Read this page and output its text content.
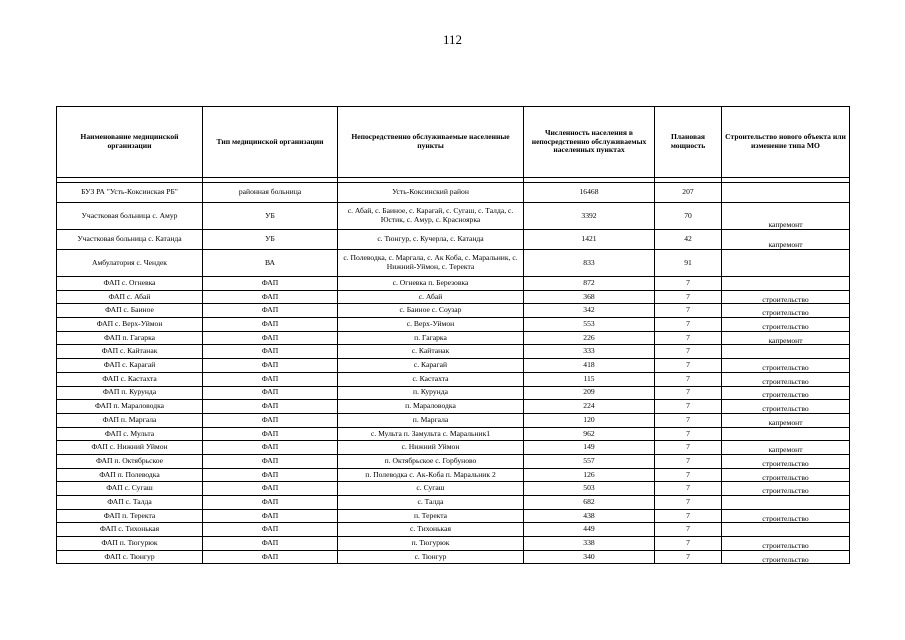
112
Наименование медицинской организации	Тип медицинской организации	Непосредственно обслуживаемые населенные пункты	Численность населения в непосредственно обслуживаемых населенных пунктах	Плановая мощность	Строительство нового объекта или изменение типа МО

БУЗ РА "Усть-Коксинская РБ"	районная больница	Усть-Коксинский район	16468	207	

Участковая больница с. Амур	УБ	с. Абай, с. Баиное, с. Карагай, с. Сугаш, с. Талда, с. Юстик, с. Амур, с. Красноярка	3392	70	капремонт

Участковая больница с. Катанда	УБ	с. Тюнгур, с. Кучерла, с. Катанда	1421	42	капремонт

Амбулатория с. Чендек	ВА	с. Полеводка, с. Маргала, с. Ак Коба, с. Маральник, с. Нижний-Уймон, с. Теректа	833	91	

ФАП с. Огневка	ФАП	с. Огневка п. Березовка	872	7	

ФАП с. Абай	ФАП	с. Абай	368	7	строительство

ФАП с. Баиное	ФАП	с. Баиное с. Соузар	342	7	строительство

ФАП с. Верх-Уймон	ФАП	с. Верх-Уймон	553	7	строительство

ФАП п. Гагарка	ФАП	п. Гагарка	226	7	капремонт

ФАП с. Кайтанак	ФАП	с. Кайтанак	333	7	

ФАП с. Карагай	ФАП	с. Карагай	418	7	строительство

ФАП с. Кастахта	ФАП	с. Кастахта	115	7	строительство

ФАП п. Курунда	ФАП	п. Курунда	209	7	строительство

ФАП п. Мараловодка	ФАП	п. Мараловодка	224	7	строительство

ФАП п. Маргала	ФАП	п. Маргала	120	7	капремонт

ФАП с. Мульта	ФАП	с. Мульта п. Замульта с. Маральник1	962	7	

ФАП с. Нижний Уймон	ФАП	с. Нижний Уймон	149	7	капремонт

ФАП п. Октябрьское	ФАП	п. Октябрьское с. Горбуново	557	7	строительство

ФАП п. Полеводка	ФАП	п. Полеводка с. Ак-Коба п. Маральник 2	126	7	строительство

ФАП с. Сугаш	ФАП	с. Сугаш	503	7	строительство

ФАП с. Талда	ФАП	с. Талда	682	7	

ФАП п. Теректа	ФАП	п. Теректа	438	7	строительство

ФАП с. Тихонькая	ФАП	с. Тихонькая	449	7	

ФАП п. Тюгурюк	ФАП	п. Тюгурюк	338	7	строительство

ФАП с. Тюнгур	ФАП	с. Тюнгур	340	7	строительство
